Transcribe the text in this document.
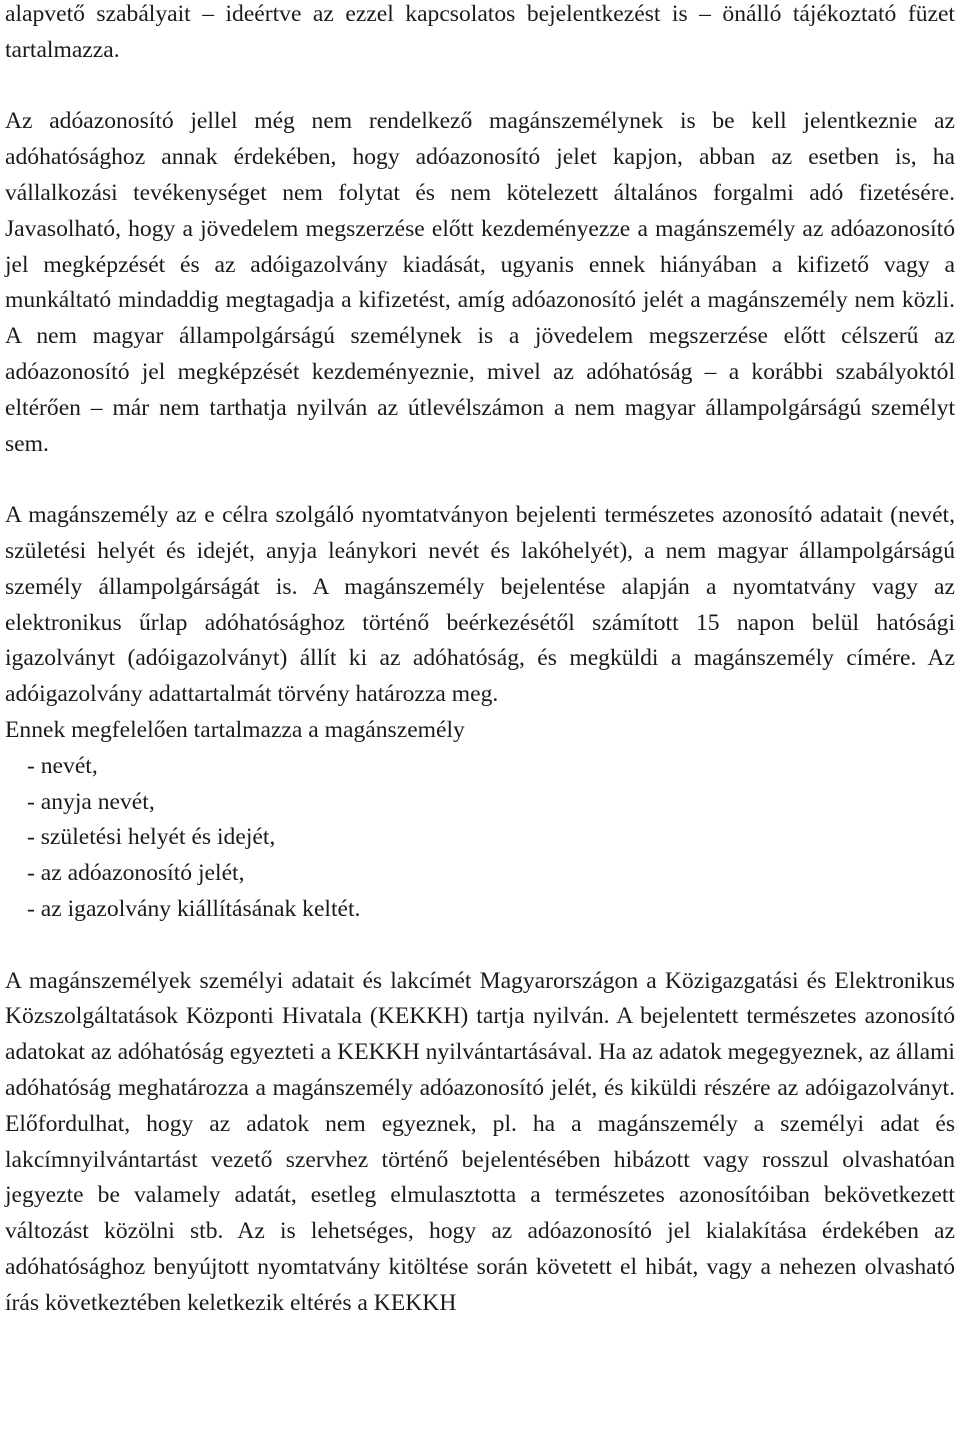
alapvető szabályait – ideértve az ezzel kapcsolatos bejelentkezést is – önálló tájékoztató füzet tartalmazza.

Az adóazonosító jellel még nem rendelkező magánszemélynek is be kell jelentkeznie az adóhatósághoz annak érdekében, hogy adóazonosító jelet kapjon, abban az esetben is, ha vállalkozási tevékenységet nem folytat és nem kötelezett általános forgalmi adó fizetésére. Javasolható, hogy a jövedelem megszerzése előtt kezdeményezze a magánszemély az adóazonosító jel megképzését és az adóigazolvány kiadását, ugyanis ennek hiányában a kifizető vagy a munkáltató mindaddig megtagadja a kifizetést, amíg adóazonosító jelét a magánszemély nem közli. A nem magyar állampolgárságú személynek is a jövedelem megszerzése előtt célszerű az adóazonosító jel megképzését kezdeményeznie, mivel az adóhatóság – a korábbi szabályoktól eltérően – már nem tarthatja nyilván az útlevélszámon a nem magyar állampolgárságú személyt sem.

A magánszemély az e célra szolgáló nyomtatványon bejelenti természetes azonosító adatait (nevét, születési helyét és idejét, anyja leánykori nevét és lakóhelyét), a nem magyar állampolgárságú személy állampolgárságát is. A magánszemély bejelentése alapján a nyomtatvány vagy az elektronikus űrlap adóhatósághoz történő beérkezésétől számított 15 napon belül hatósági igazolványt (adóigazolványt) állít ki az adóhatóság, és megküldi a magánszemély címére. Az adóigazolvány adattartalmát törvény határozza meg.

Ennek megfelelően tartalmazza a magánszemély

- nevét,
- anyja nevét,
- születési helyét és idejét,
- az adóazonosító jelét,
- az igazolvány kiállításának keltét.

A magánszemélyek személyi adatait és lakcímét Magyarországon a Közigazgatási és Elektronikus Közszolgáltatások Központi Hivatala (KEKKH) tartja nyilván. A bejelentett természetes azonosító adatokat az adóhatóság egyezteti a KEKKH nyilvántartásával. Ha az adatok megegyeznek, az állami adóhatóság meghatározza a magánszemély adóazonosító jelét, és kiküldi részére az adóigazolványt. Előfordulhat, hogy az adatok nem egyeznek, pl. ha a magánszemély a személyi adat és lakcímnyilvántartást vezető szervhez történő bejelentésében hibázott vagy rosszul olvashatóan jegyezte be valamely adatát, esetleg elmulasztotta a természetes azonosítóiban bekövetkezett változást közölni stb. Az is lehetséges, hogy az adóazonosító jel kialakítása érdekében az adóhatósághoz benyújtott nyomtatvány kitöltése során követett el hibát, vagy a nehezen olvasható írás következtében keletkezik eltérés a KEKKH
